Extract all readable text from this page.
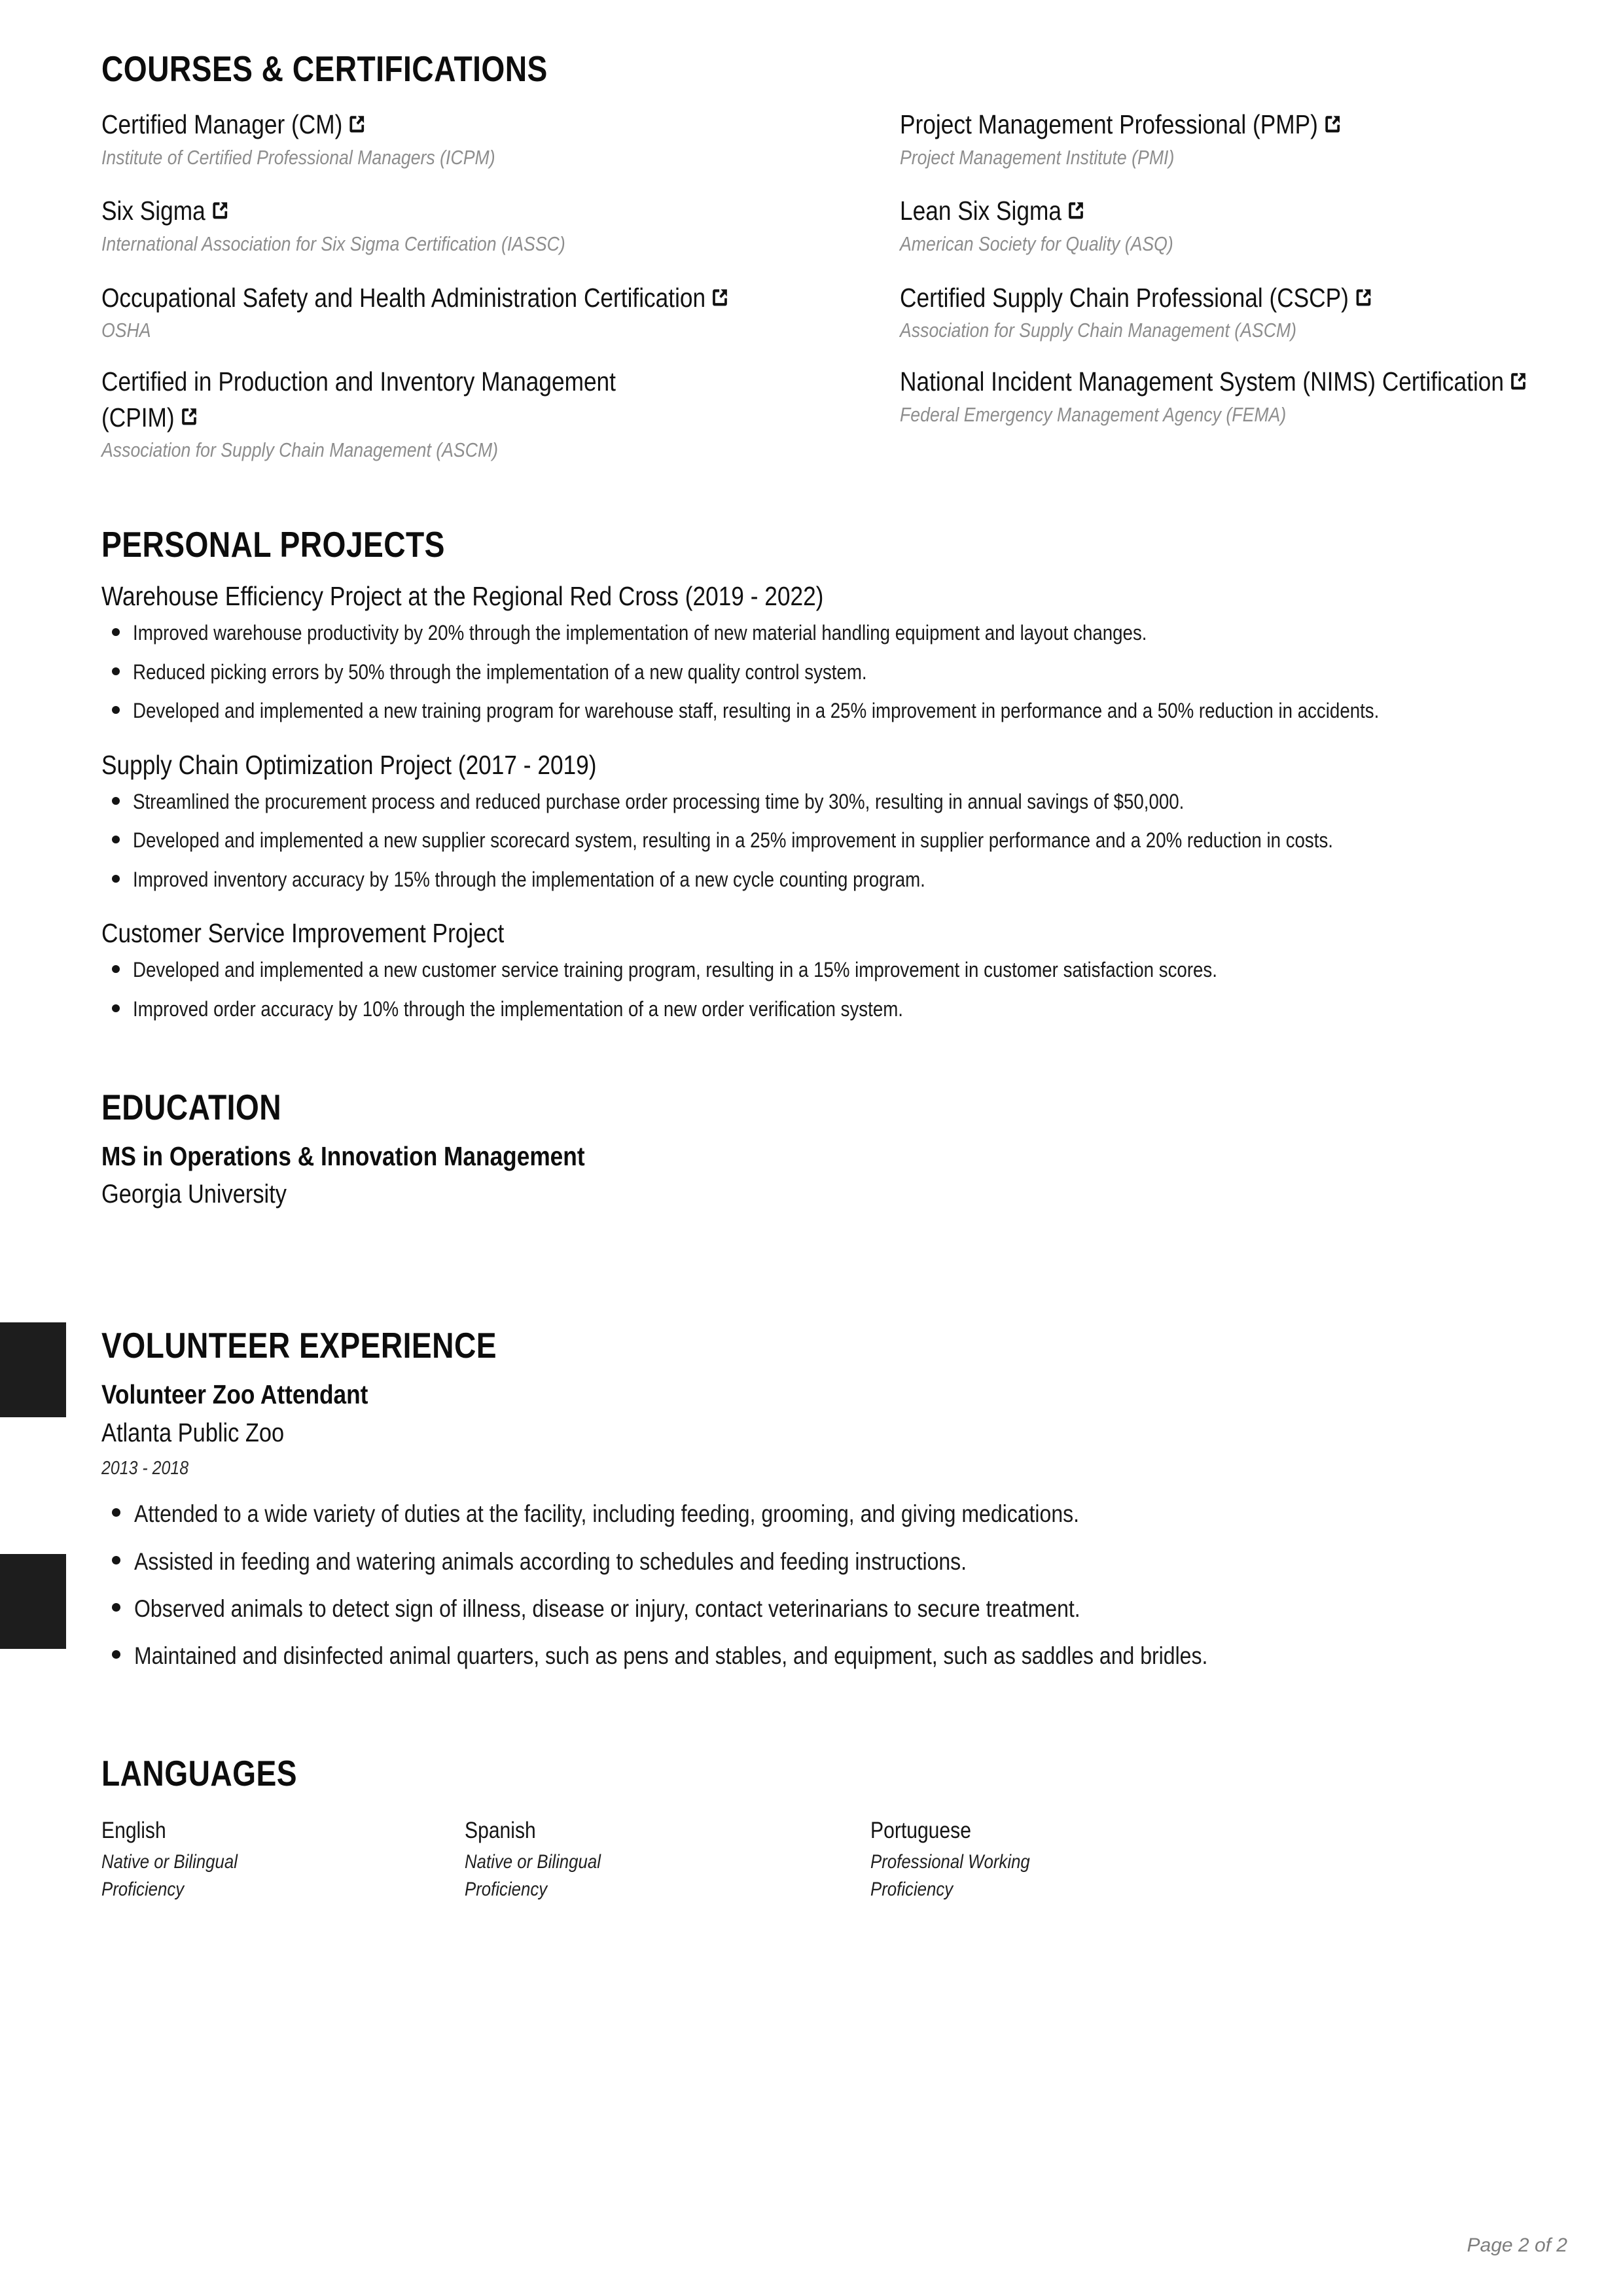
COURSES & CERTIFICATIONS
Certified Manager (CM)
Institute of Certified Professional Managers (ICPM)
Project Management Professional (PMP)
Project Management Institute (PMI)
Six Sigma
International Association for Six Sigma Certification (IASSC)
Lean Six Sigma
American Society for Quality (ASQ)
Occupational Safety and Health Administration Certification
OSHA
Certified Supply Chain Professional (CSCP)
Association for Supply Chain Management (ASCM)
Certified in Production and Inventory Management (CPIM)
Association for Supply Chain Management (ASCM)
National Incident Management System (NIMS) Certification
Federal Emergency Management Agency (FEMA)
PERSONAL PROJECTS
Warehouse Efficiency Project at the Regional Red Cross (2019 - 2022)
Improved warehouse productivity by 20% through the implementation of new material handling equipment and layout changes.
Reduced picking errors by 50% through the implementation of a new quality control system.
Developed and implemented a new training program for warehouse staff, resulting in a 25% improvement in performance and a 50% reduction in accidents.
Supply Chain Optimization Project (2017 - 2019)
Streamlined the procurement process and reduced purchase order processing time by 30%, resulting in annual savings of $50,000.
Developed and implemented a new supplier scorecard system, resulting in a 25% improvement in supplier performance and a 20% reduction in costs.
Improved inventory accuracy by 15% through the implementation of a new cycle counting program.
Customer Service Improvement Project
Developed and implemented a new customer service training program, resulting in a 15% improvement in customer satisfaction scores.
Improved order accuracy by 10% through the implementation of a new order verification system.
EDUCATION
MS in Operations & Innovation Management
Georgia University
VOLUNTEER EXPERIENCE
Volunteer Zoo Attendant
Atlanta Public Zoo
2013 - 2018
Attended to a wide variety of duties at the facility, including feeding, grooming, and giving medications.
Assisted in feeding and watering animals according to schedules and feeding instructions.
Observed animals to detect sign of illness, disease or injury, contact veterinarians to secure treatment.
Maintained and disinfected animal quarters, such as pens and stables, and equipment, such as saddles and bridles.
LANGUAGES
English
Native or Bilingual Proficiency
Spanish
Native or Bilingual Proficiency
Portuguese
Professional Working Proficiency
Page 2 of 2
